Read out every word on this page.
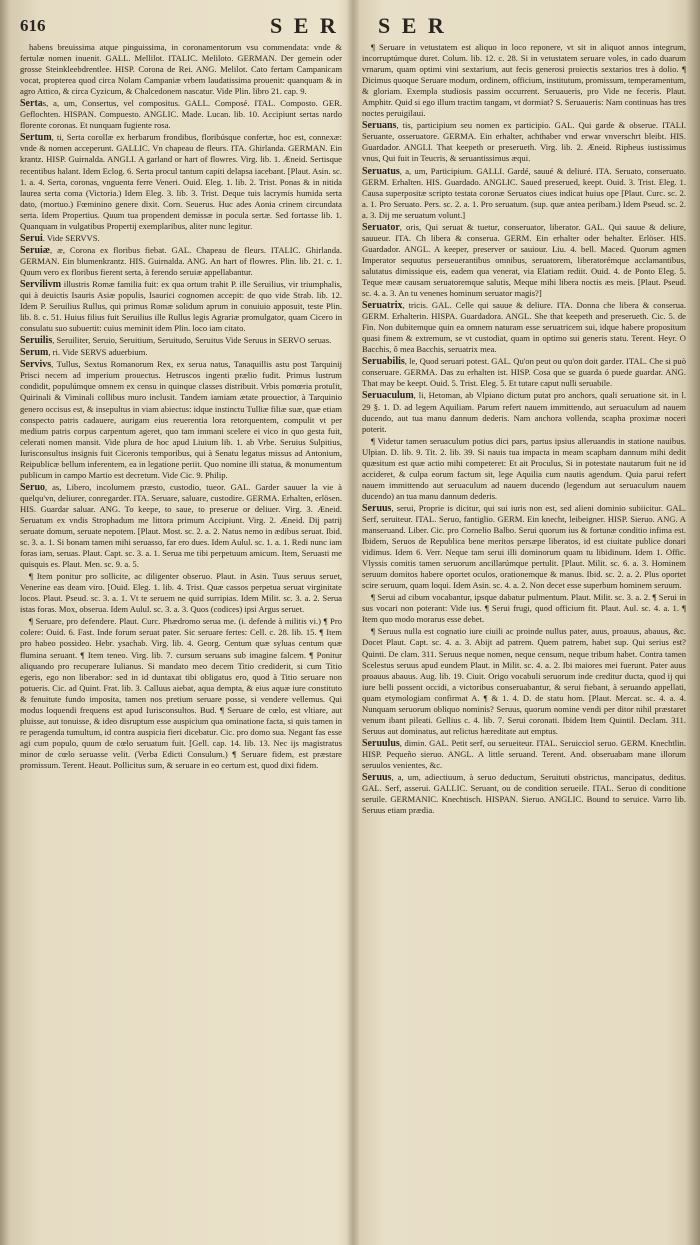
616	S E R S E R

habens breuissima atque pinguissima, in coronamentorum vsu commendata: vnde & fertulæ nomen inuenit. GALL. Mellilot. ITALIC. Meliloto. GERMAN. Der gemein oder grosse Steinkleebdrentlee. HISP. Corona de Rei. ANG. Melilot. Cato fertam Campanicam vocat, propterea quod circa Nolam Campaniæ vrbem laudatissima prouenit: quanquam & in agro Attico, & circa Cyzicum, & Chalcedonem nascatur. Vide Plin. libro 21. cap. 9.

Sertas, a, um, Consertus, vel compositus. GALL. Composé. ITAL. Composto. GER. Geflochten. HISPAN. Compuesto. ANGLIC. Made. Lucan. lib. 10. Accipiunt sertas nardo florente coronas. Et nunquam fugiente rosa.

Sertum, ti, Serta corollæ ex herbarum frondibus, floribúsque confertæ, hoc est, connexæ: vnde & nomen acceperunt. GALLIC. Vn chapeau de fleurs. ITA. Ghirlanda. GERMAN. Ein krantz. HISP. Guirnalda. ANGLI. A garland or hart of flowres. Virg. lib. 1. Æneid. Sertisque recentibus halant. Idem Eclog. 6. Serta procul tantum capiti delapsa iacebant. [Plaut. Asin. sc. 1. a. 4. Serta, coronas, vnguenta ferre Veneri. Ouid. Eleg. 1. lib. 2. Trist. Ponas & in nitida laurea serta coma (Victoria.) Idem Eleg. 3. lib. 3. Trist. Deque tuis lacrymis humida serta dato, (mortuo.) Fœminino genere dixit. Corn. Seuerus. Huc ades Aonia crinem circundata serta. Idem Propertius. Quum tua propendent demissæ in pocula sertæ. Sed fortasse lib. 1. Quanquam in vulgatibus Propertij exemplaribus, aliter nunc legitur.

Serui. Vide SERVVS.

Seruiæ, æ, Corona ex floribus fiebat. GAL. Chapeau de fleurs. ITALIC. Ghirlanda. GERMAN. Ein blumenkrantz. HIS. Guirnalda. ANG. An hart of flowres. Plin. lib. 21. c. 1. Quum vero ex floribus fierent serta, à ferendo seruiæ appellabantur.

Servilivm illustris Romæ familia fuit: ex qua ortum trahit P. ille Seruilius, vir triumphalis, qui à deuictis Isauris Asiæ populis, Isaurici cognomen accepit: de quo vide Strab. lib. 12. Idem P. Seruilius Rullus, qui primus Romæ solidum aprum in conuiuio apposuit, teste Plin. lib. 8. c. 51. Huius filius fuit Seruilius ille Rullus legis Agrariæ promulgator, quam Cicero in consulatu suo subuertit: cuius meminit idem Plin. loco iam citato.

Seruilis, Seruiliter, Seruio, Seruitium, Seruitudo, Seruitus Vide Seruus in SERVO seruas.

Serum, ri. Vide SERVS aduerbium.

Servivs, Tullus, Sextus Romanorum Rex, ex serua natus, Tanaquillis astu post Tarquinij Prisci necem ad imperium prouectus. Hetruscos ingenti prælio fudit. Primus lustrum condidit, populúmque omnem ex censu in quinque classes distribuit. Vrbis pomœria protulit, Quirinali & Viminali collibus muro inclusit. Tandem iamiam ætate prouectior, à Tarquinio genero occisus est, & insepultus in viam abiectus: idque instinctu Tulliæ filiæ suæ, quæ etiam conspecto patris cadauere, aurigam eius reuerentia lora retorquentem, compulit vt per medium patris corpus carpentum ageret, quo tam immani scelere ei vico in quo gesta fuit, celerati nomen mansit. Vide plura de hoc apud Liuium lib. 1. ab Vrbe. Seruius Sulpitius, Iurisconsultus insignis fuit Ciceronis temporibus, qui à Senatu legatus missus ad Antonium, Reipublicæ bellum inferentem, ea in legatione periit. Quo nomine illi statua, & monumentum publicum in campo Martio est decretum. Vide Cic. 9. Philip.

Seruo, as, Libero, incolumem præsto, custodio, tueor. GAL. Garder sauuer la vie à quelqu'vn, deliurer, conregarder. ITA. Seruare, saluare, custodire. GERMA. Erhalten, erlösen. HIS. Guardar saluar. ANG. To keepe, to saue, to preserue or deliuer. Virg. 3. Æneid. Seruatum ex vndis Strophadum me littora primum Accipiunt. Virg. 2. Æneid. Dij patrij seruate domum, seruate nepotem. [Plaut. Most. sc. 2. a. 2. Natus nemo in ædibus seruat. Ibid. sc. 3. a. 1. Si bonam tamen mihi seruasso, far ero dues. Idem Aulul. sc. 1. a. 1. Redi nunc iam foras iam, seruas. Plaut. Capt. sc. 3. a. 1. Serua me tibi perpetuum amicum. Item, Seruasti me quisquis es. Plaut. Men. sc. 9. a. 5.

¶ Item ponitur pro sollicite, ac diligenter obseruo. Plaut. in Asin. Tuus seruus seruet, Venerine eas deam viro. [Ouid. Eleg. 1. lib. 4. Trist. Quæ cassos perpetua seruat virginitate locos. Plaut. Pseud. sc. 3. a. 1. Vt te seruem ne quid surripias. Idem Milit. sc. 3. a. 2. Serua istas foras. Mox, obserua. Idem Aulul. sc. 3. a. 3. Quos (codices) ipsi Argus seruet.

¶ Seruare, pro defendere. Plaut. Curc. Phædromo serua me. (i. defende à militis vi.) ¶ Pro colere: Ouid. 6. Fast. Inde forum seruat pater. Sic seruare fertes: Cell. c. 28. lib. 15. ¶ Item pro habeo possideo. Hebr. ysachab. Virg. lib. 4. Georg. Centum quæ syluas centum quæ flumina seruant. ¶ Item teneo. Virg. lib. 7. cursum seruans sub imagine falcem. ¶ Ponitur aliquando pro recuperare Iulianus. Si mandato meo decem Titio crediderit, si cum Titio egeris, ego non liberabor: sed in id duntaxat tibi obligatus ero, quod à Titio seruare non potueris. Cic. ad Quint. Frat. lib. 3. Calluus aiebat, aqua dempta, & eius aquæ iure constituto & fenuitute fundo imposita, tamen nos pretium seruare posse, si vendere vellemus. Qui modus loquendi frequens est apud Iurisconsultos. Bud. ¶ Seruare de cœlo, est vltiare, aut pluisse, aut tonuisse, & ideo disruptum esse auspicium qua ominatione facta, si quis tamen in re peragenda tumultum, id contra auspicia fieri dicebatur. Cic. pro domo sua. Negant fas esse agi cum populo, quum de cœlo seruatum fuit. [Gell. cap. 14. lib. 13. Nec ijs magistratus minor de cœlo seruasse velit. (Verba Edicti Consulum.) ¶ Seruare fidem, est præstare promissum. Terent. Heaut. Pollicitus sum, & seruare in eo certum est, quod dixi fidem.

¶ Seruare in vetustatem est aliquo in loco reponere, vt sit in aliquot annos integrum, incorruptúmque duret. Colum. lib. 12. c. 28. Si in vetustatem seruare voles, in cado duarum vrnarum, quam optimi vini sextarium, aut fecis generosi proiectis sextarios tres à dolio. ¶ Dicimus quoque Seruare modum, ordinem, officium, institutum, promissum, temperamentum, & gloriam. Exempla studiosis passim occurrent. Seruaueris, pro Vide ne feceris. Plaut. Amphitr. Quid si ego illum tractim tangam, vt dormiat? S. Seruaueris: Nam continuas has tres noctes peruigilaui.

Seruans, tis, participium seu nomen ex participio. GAL. Qui garde & obserue. ITALI. Seruante, osseruatore. GERMA. Ein erhalter, achthaber vnd erwar vnverschrt bleibt. HIS. Guardador. ANGLI. That keepeth or preserueth. Virg. lib. 2. Æneid. Ripheus iustissimus vnus, Qui fuit in Teucris, & seruantissimus æqui.

Seruatus, a, um, Participium. GALLI. Gardé, sauué & deliuré. ITA. Seruato, conseruato. GERM. Erhalten. HIS. Guardado. ANGLIC. Saued preserued, keept. Ouid. 3. Trist. Eleg. 1. Causa superpositæ scripto testata coronæ Seruatos ciues indicat huius ope [Plaut. Curc. sc. 2. a. 1. Pro Seruato. Pers. sc. 2. a. 1. Pro seruatum. (sup. quæ antea peribam.) Idem Pseud. sc. 2. a. 3. Dij me seruatum volunt.]

Seruator, oris, Qui seruat & tuetur, conseruator, liberator. GAL. Qui sauue & deliure, sauueur. ITA. Ch libera & conserua. GERM. Ein erhalter oder behalter. Erlöser. HIS. Guardador. ANGL. A keeper, preserver or sauiour. Liu. 4. bell. Maced. Quorum agmen Imperator sequutus perseuerantibus omnibus, seruatorem, liberatorémque acclamantibus, salutatus dimissique eis, eadem qua venerat, via Elatiam rediit. Ouid. 4. de Ponto Eleg. 5. Teque meæ causam seruatoremque salutis, Meque mihi libera noctis æs meis. [Plaut. Pseud. sc. 4. a. 3. An tu venenes hominum seruator magis?]

Seruatrix, tricis. GAL. Celle qui sauue & deliure. ITA. Donna che libera & conserua. GERM. Erhalterin. HISPA. Guardadora. ANGL. She that keepeth and preserueth. Cic. 5. de Fin. Non dubitemque quin ea omnem naturam esse seruatricem sui, idque habere propositum quasi finem & extremum, se vt custodiat, quam in optimo sui generis statu. Terent. Heyr. O Bacchis, ô mea Bacchis, seruatrix mea.

Seruabilis, le, Quod seruari potest. GAL. Qu'on peut ou qu'on doit garder. ITAL. Che si può conseruare. GERMA. Das zu erhalten ist. HISP. Cosa que se guarda ó puede guardar. ANG. That may be keept. Ouid. 5. Trist. Eleg. 5. Et tutare caput nulli seruabile.

Seruaculum, li, Hetoman, ab Vlpiano dictum putat pro anchors, quali seruatione sit. in l. 29 §. 1. D. ad legem Aquiliam. Parum refert nauem immittendo, aut seruaculum ad nauem ducendo, aut tua manu dannum dederis. Nam anchora vollenda, scapha proximæ noceri poterit.

¶ Videtur tamen seruaculum potius dici pars, partus ipsius alleruandis in statione nauibus. Ulpian. D. lib. 9. Tit. 2. lib. 39. Si nauis tua impacta in meam scapham dannum mihi dedit quæsitum est quæ actio mihi competeret: Et ait Proculus, Si in potestate nautarum fuit ne id accideret, & culpa eorum factum sit, lege Aquilia cum nautis agendum. Quia parui refert nauem immittendo aut seruaculum ad nauem ducendo (legendum aut seruaculum nauem ducendo) an tua manu dannum dederis.

Seruus, serui, Proprie is dicitur, qui sui iuris non est, sed alieni dominio subiicitur. GAL. Serf, seruiteur. ITAL. Seruo, fantiglio. GERM. Ein knecht, leibeigner. HISP. Sieruo. ANG. A manseruand. Liber. Cic. pro Cornelio Balbo. Serui quorum ius & fortunæ conditio infima est. Ibidem, Seruos de Republica bene meritos persæpe liberatos, id est ciuitate publice donari vidimus. Idem 6. Verr. Neque tam serui illi dominorum quam tu libidinum. Idem 1. Offic. Vlyssis comitis tamen seruorum ancillarúmque pertulit. [Plaut. Milit. sc. 6. a. 3. Hominem seruum domitos habere oportet oculos, orationemque & manus. Ibid. sc. 2. a. 2. Plus oportet scire seruum, quam loqui. Idem Asin. sc. 4. a. 2. Non decet esse superbum hominem seruum.

¶ Serui ad cibum vocabantur, ipsque dabatur pulmentum. Plaut. Milit. sc. 3. a. 2. ¶ Serui in sus vocari non poterant: Vide ius. ¶ Serui frugi, quod officium fit. Plaut. Aul. sc. 4. a. 1. ¶ Item quo modo morarus esse debet.

¶ Seruus nulla est cognatio iure ciuili ac proinde nullus pater, auus, proauus, abauus, &c. Docet Plaut. Capt. sc. 4. a. 3. Abijt ad patrem. Quem patrem, habet sup. Qui serius est? Quinti. De clam. 311. Seruus neque nomen, neque censum, neque tribum habet. Contra tamen Scelestus seruus apud eundem Plaut. in Milit. sc. 4. a. 2. Ibi maiores mei fuerunt. Pater auus proauus abauus. Aug. lib. 19. Ciuit. Origo vocabuli seruorum inde creditur ducta, quod ij qui iure belli possent occidi, a victoribus conseruabantur, & serui fiebant, à seruando appellati, quam etymologiam confirmat A. ¶ & 1. 4. D. de statu hom. [Plaut. Mercat. sc. 4. a. 4. Nunquam seruorum obliquo nominis? Seruus, quorum nomine vendi per ditor nihil præstaret venum ibant pileati. Gellius c. 4. lib. 7. Serui coronati. Ibidem Item Quintil. Declam. 311. Seruus aut dominatus, aut relictus hæreditate aut emptus.

Seruulus, dimin. GAL. Petit serf, ou serueiteur. ITAL. Seruicciol seruo. GERM. Knechtlin. HISP. Pequeño sieruo. ANGL. A little seruand. Terent. And. obseruabam mane illorum seruulos venientes, &c.

Seruus, a, um, adiectiuum, à seruo deductum, Seruituti obstrictus, mancipatus, deditus. GAL. Serf, asserui. GALLIC. Seruant, ou de condition serueile. ITAL. Seruo di conditione seruile. GERMANIC. Knechtisch. HISPAN. Sieruo. ANGLIC. Bound to seruice. Varro lib. Seruus etiam prædia.
